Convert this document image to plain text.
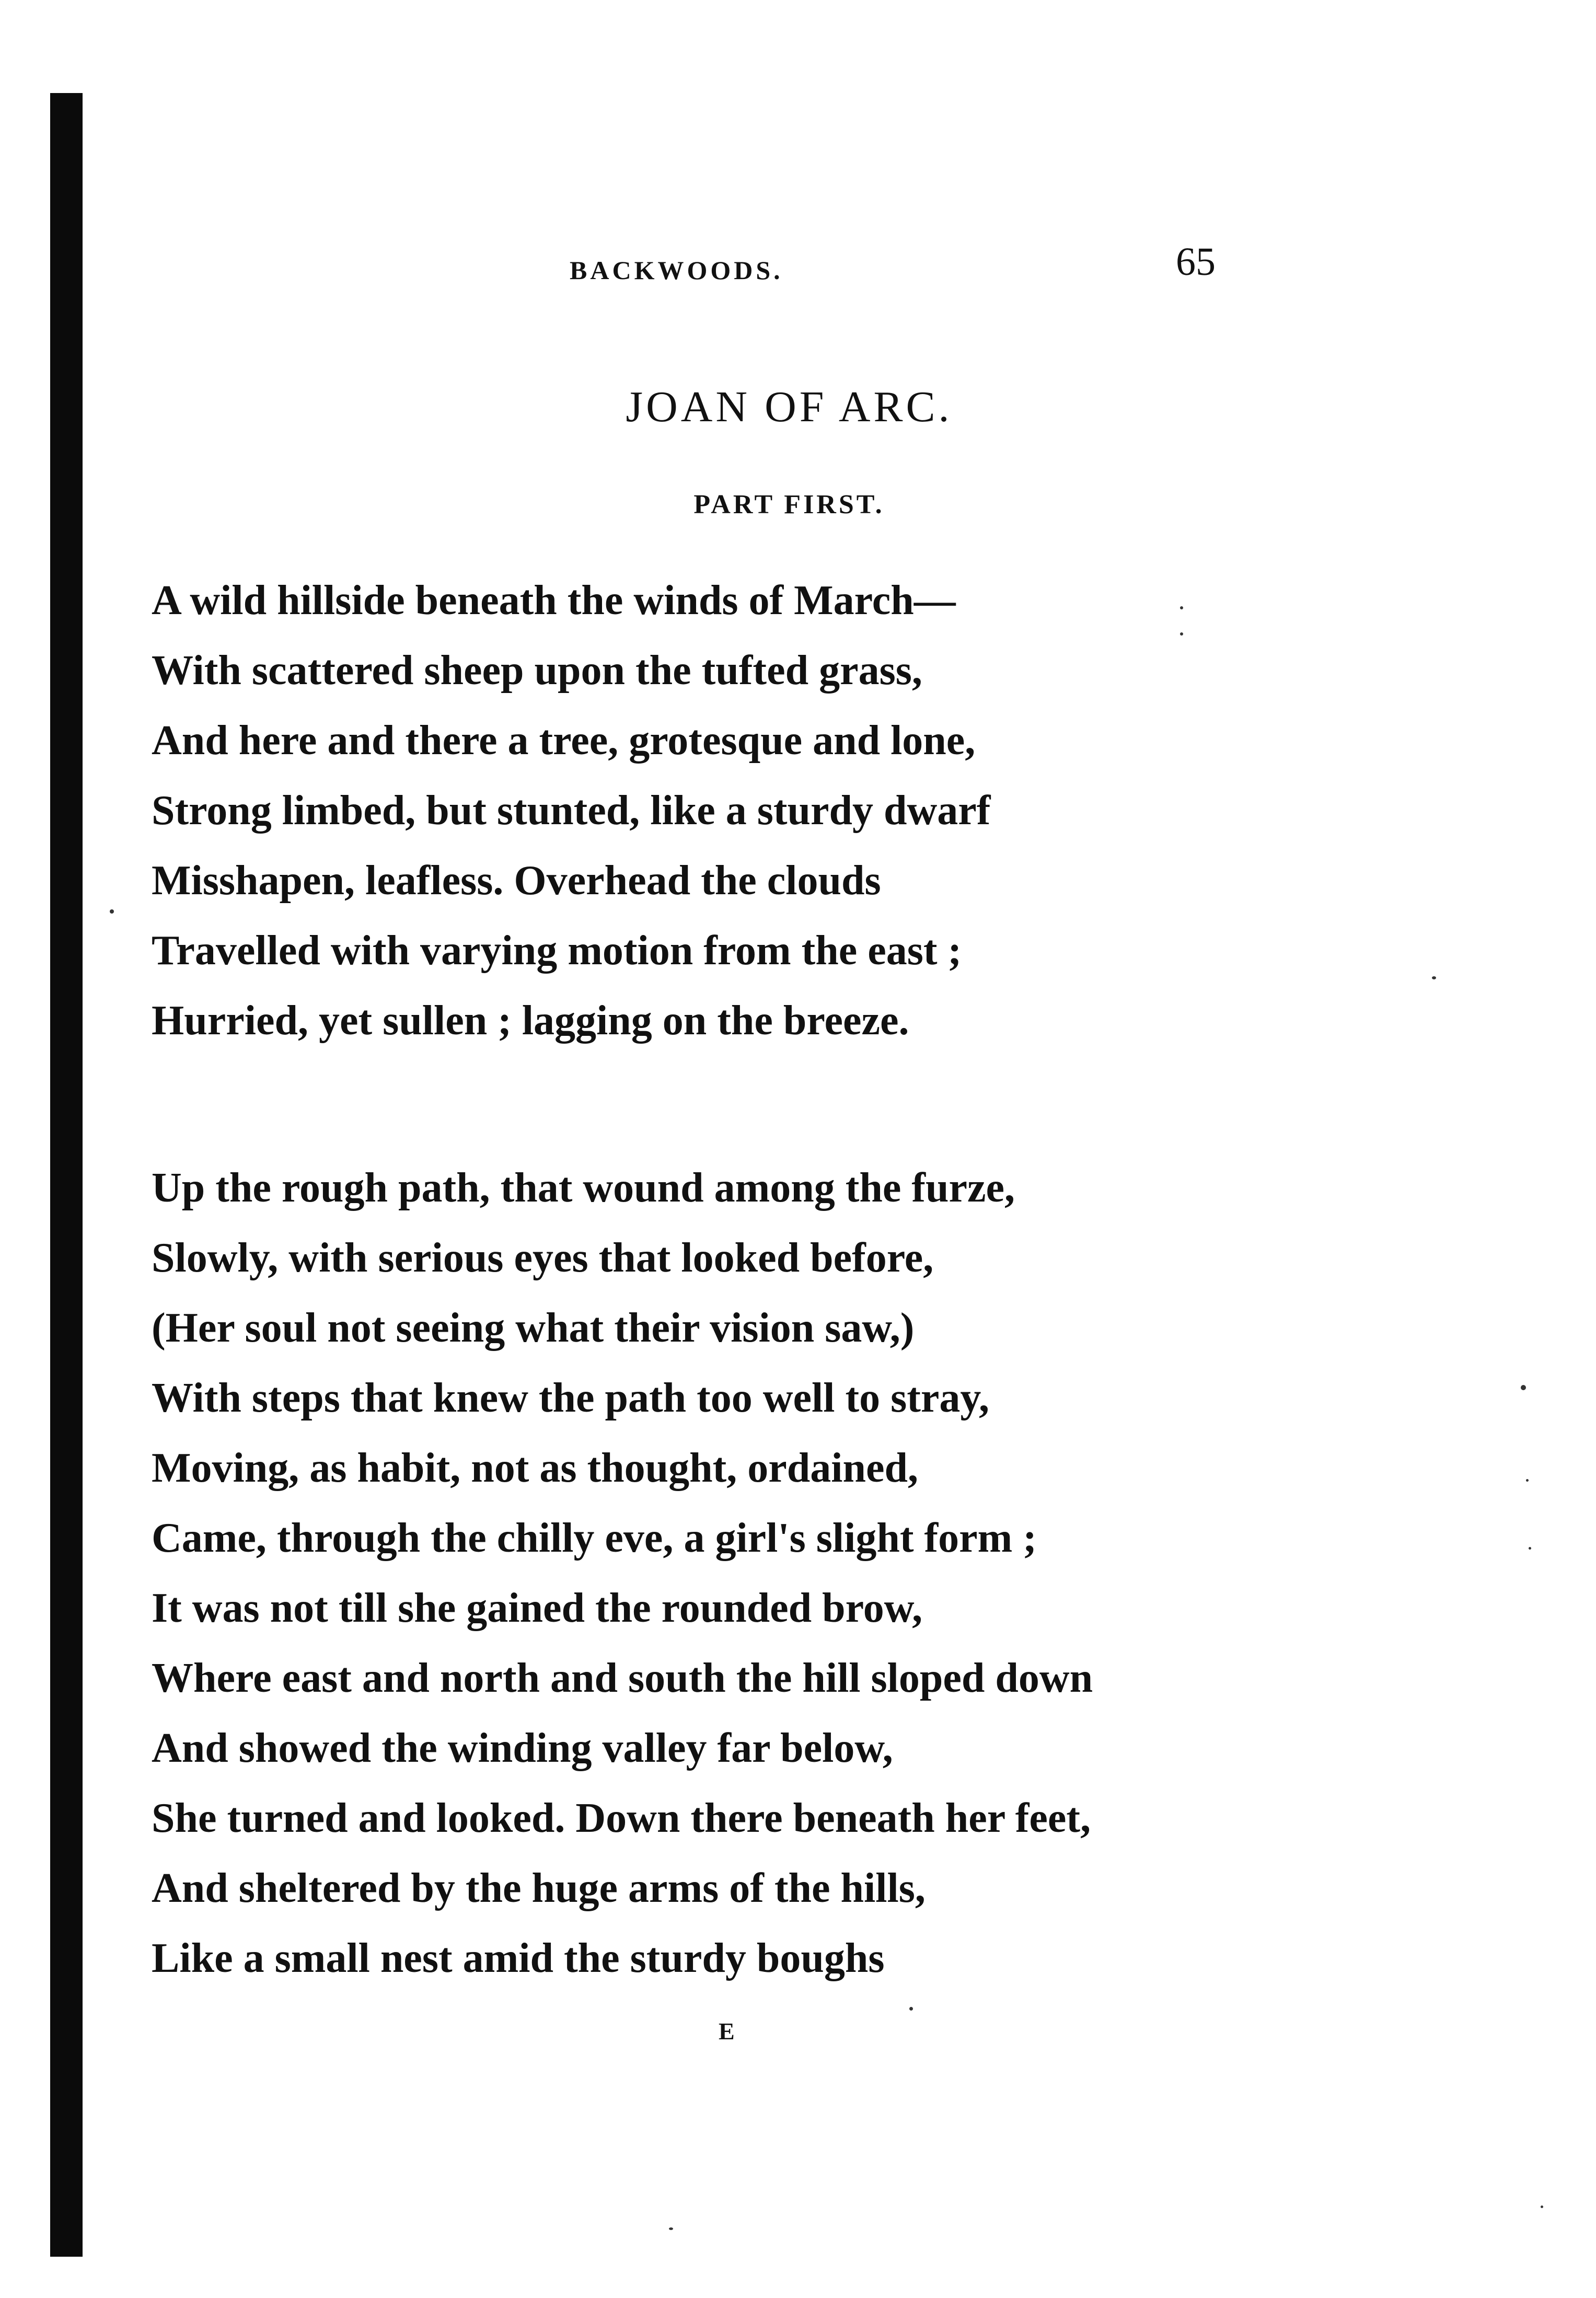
BACKWOODS.	65
JOAN OF ARC.
PART FIRST.
A wild hillside beneath the winds of March—
With scattered sheep upon the tufted grass,
And here and there a tree, grotesque and lone,
Strong limbed, but stunted, like a sturdy dwarf
Misshapen, leafless. Overhead the clouds
Travelled with varying motion from the east ;
Hurried, yet sullen ; lagging on the breeze.
Up the rough path, that wound among the furze,
Slowly, with serious eyes that looked before,
(Her soul not seeing what their vision saw,)
With steps that knew the path too well to stray,
Moving, as habit, not as thought, ordained,
Came, through the chilly eve, a girl's slight form ;
It was not till she gained the rounded brow,
Where east and north and south the hill sloped down
And showed the winding valley far below,
She turned and looked. Down there beneath her feet,
And sheltered by the huge arms of the hills,
Like a small nest amid the sturdy boughs
E
